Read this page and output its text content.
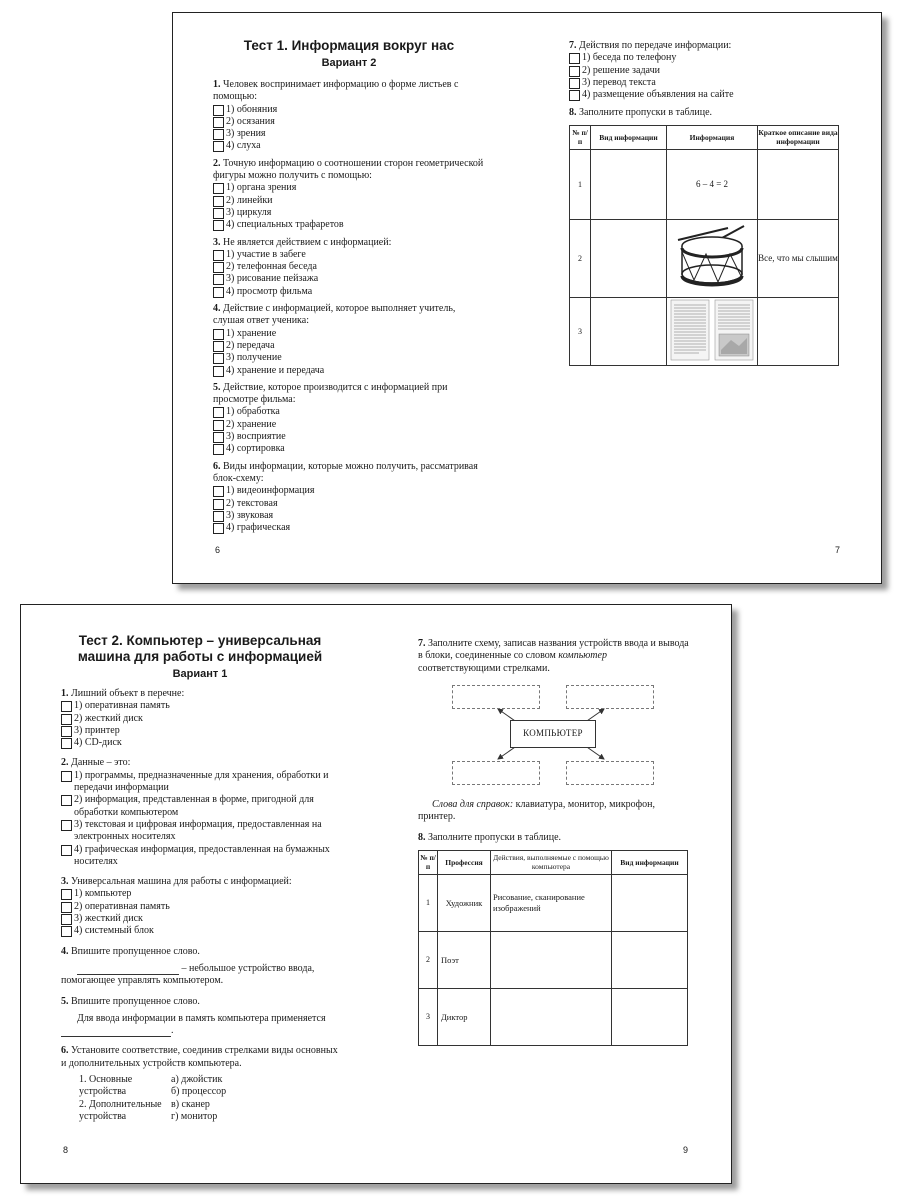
Тест 1. Информация вокруг нас
Вариант 2
1. Человек воспринимает информацию о форме листьев с помощью:
1) обоняния
2) осязания
3) зрения
4) слуха
2. Точную информацию о соотношении сторон геометрической фигуры можно получить с помощью:
1) органа зрения
2) линейки
3) циркуля
4) специальных трафаретов
3. Не является действием с информацией:
1) участие в забеге
2) телефонная беседа
3) рисование пейзажа
4) просмотр фильма
4. Действие с информацией, которое выполняет учитель, слушая ответ ученика:
1) хранение
2) передача
3) получение
4) хранение и передача
5. Действие, которое производится с информацией при просмотре фильма:
1) обработка
2) хранение
3) восприятие
4) сортировка
6. Виды информации, которые можно получить, рассматривая блок-схему:
1) видеоинформация
2) текстовая
3) звуковая
4) графическая
6
7. Действия по передаче информации:
1) беседа по телефону
2) решение задачи
3) перевод текста
4) размещение объявления на сайте
8. Заполните пропуски в таблице.
№ п/п	Вид информации	Информация	Краткое описание вида информации
1		6 – 4 = 2	
2			Все, что мы слышим
3			
7
Тест 2. Компьютер – универсальная
машина для работы с информацией
Вариант 1
1. Лишний объект в перечне:
1) оперативная память
2) жесткий диск
3) принтер
4) CD-диск
2. Данные – это:
1) программы, предназначенные для хранения, обработки и передачи информации
2) информация, представленная в форме, пригодной для обработки компьютером
3) текстовая и цифровая информация, предоставленная на электронных носителях
4) графическая информация, предоставленная на бумажных носителях
3. Универсальная машина для работы с информацией:
1) компьютер
2) оперативная память
3) жесткий диск
4) системный блок
4. Впишите пропущенное слово.
– небольшое устройство ввода, помогающее управлять компьютером.
5. Впишите пропущенное слово.
Для ввода информации в память компьютера применяется .
6. Установите соответствие, соединив стрелками виды основных и дополнительных устройств компьютера.
1. Основные устройства
2. Дополнительные устройства
а) джойстик
б) процессор
в) сканер
г) монитор
8
7. Заполните схему, записав названия устройств ввода и вывода в блоки, соединенные со словом компьютер соответствующими стрелками.
КОМПЬЮТЕР
Слова для справок: клавиатура, монитор, микрофон, принтер.
8. Заполните пропуски в таблице.
№ п/п	Профессия	Действия, выполняемые с помощью компьютера	Вид информации
1	Художник	Рисование, сканирование изображений	
2	Поэт		
3	Диктор		
9
